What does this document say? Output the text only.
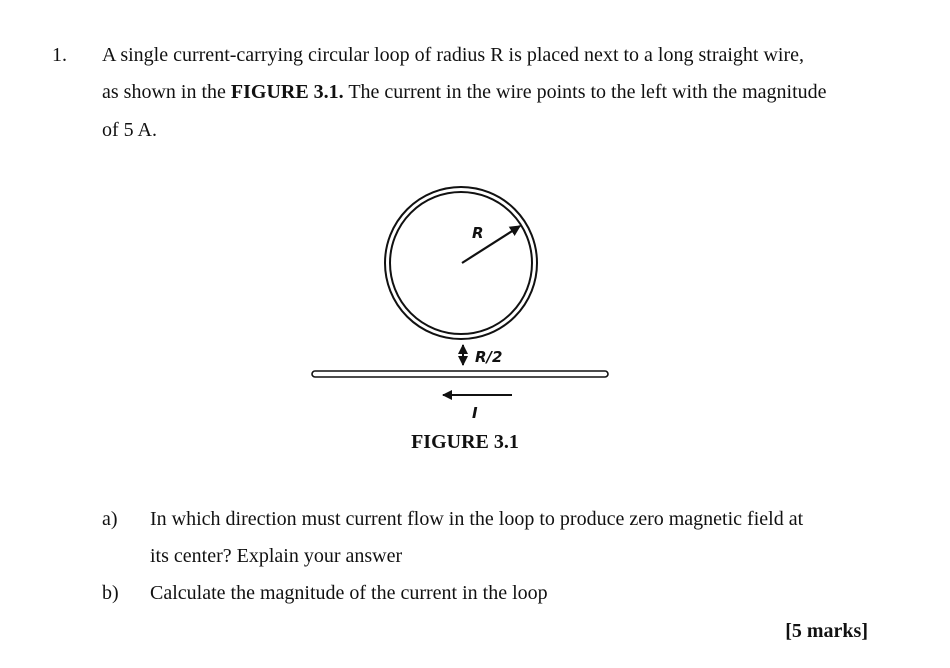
1. A single current-carrying circular loop of radius R is placed next to a long straight wire,
as shown in the FIGURE 3.1. The current in the wire points to the left with the magnitude
of 5 A.
R
R/2
I
FIGURE 3.1
a) In which direction must current flow in the loop to produce zero magnetic field at
its center? Explain your answer
b) Calculate the magnitude of the current in the loop
[5 marks]
